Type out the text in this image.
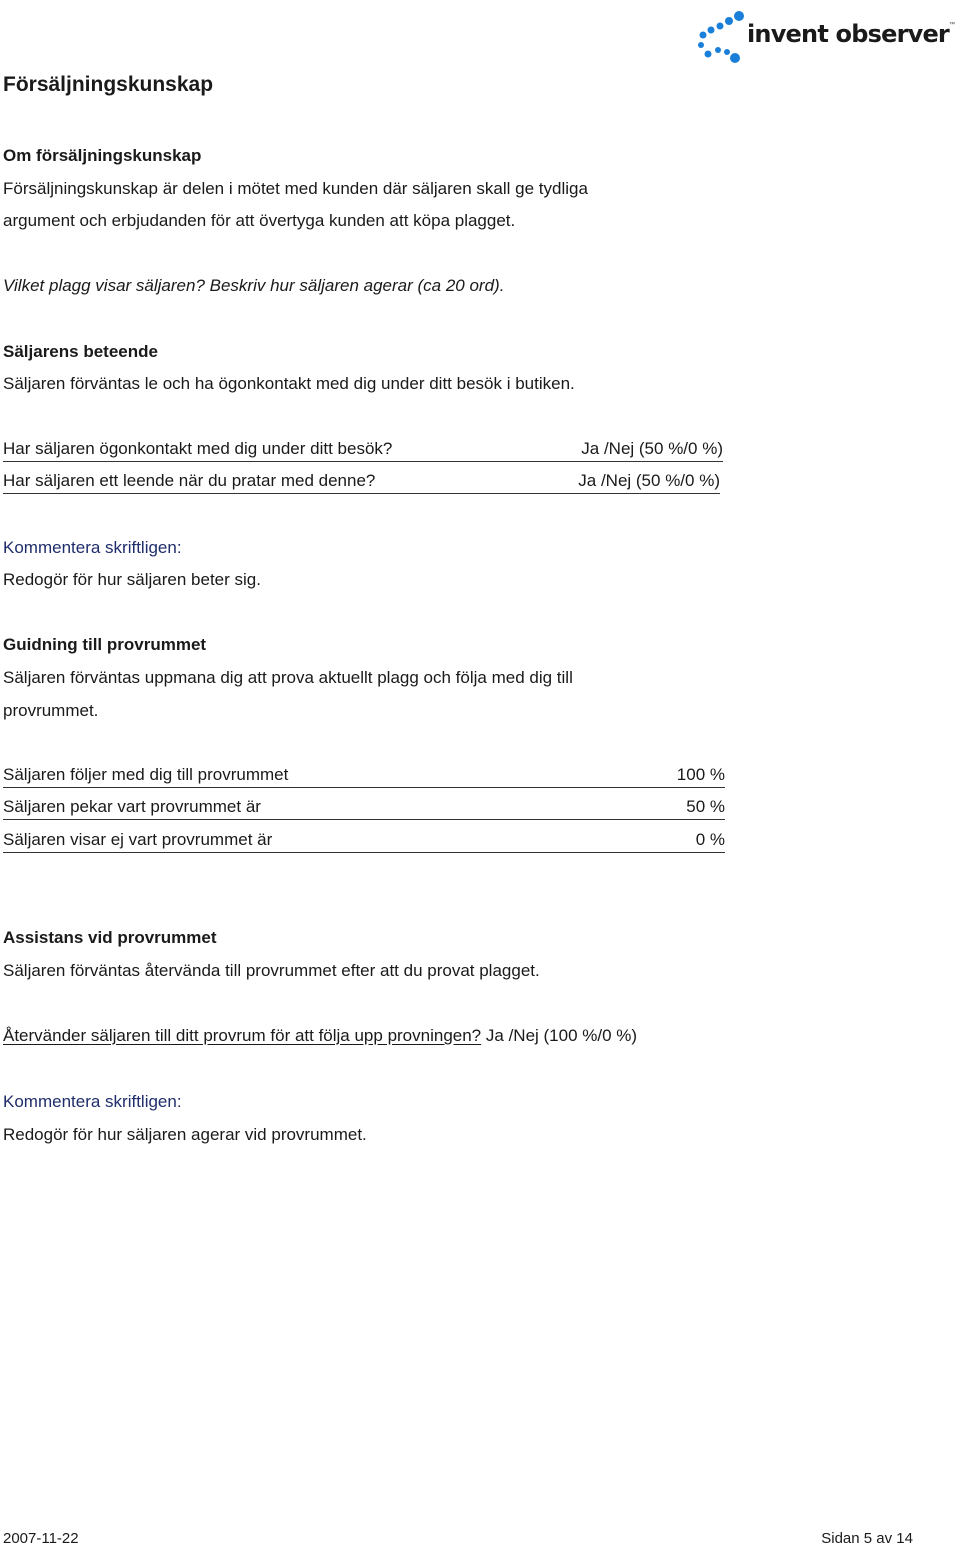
invent observer ™
Försäljningskunskap
Om försäljningskunskap
Försäljningskunskap är delen i mötet med kunden där säljaren skall ge tydliga
argument och erbjudanden för att övertyga kunden att köpa plagget.
Vilket plagg visar säljaren? Beskriv hur säljaren agerar (ca 20 ord).
Säljarens beteende
Säljaren förväntas le och ha ögonkontakt med dig under ditt besök i butiken.
Har säljaren ögonkontakt med dig under ditt besök?	Ja /Nej (50 %/0 %)
Har säljaren ett leende när du pratar med denne?	Ja /Nej (50 %/0 %)
Kommentera skriftligen:
Redogör för hur säljaren beter sig.
Guidning till provrummet
Säljaren förväntas uppmana dig att prova aktuellt plagg och följa med dig till
provrummet.
Säljaren följer med dig till provrummet	100 %
Säljaren pekar vart provrummet är	50 %
Säljaren visar ej vart provrummet är	0 %
Assistans vid provrummet
Säljaren förväntas återvända till provrummet efter att du provat plagget.
Återvänder säljaren till ditt provrum för att följa upp provningen? Ja /Nej (100 %/0 %)
Kommentera skriftligen:
Redogör för hur säljaren agerar vid provrummet.
2007-11-22	Sidan 5 av 14
